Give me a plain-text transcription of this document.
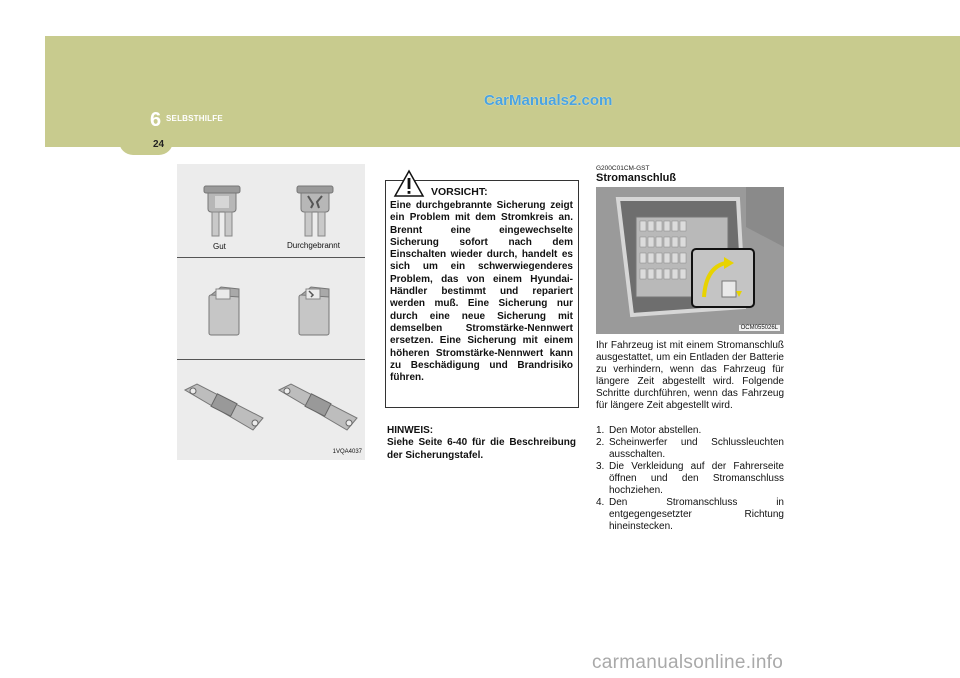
6 SELBSTHILFE
24
CarManuals2.com
Gut	Durchgebrannt
1VQA4037
VORSICHT:
Eine durchgebrannte Sicherung zeigt ein Problem mit dem Stromkreis an. Brennt eine eingewechselte Sicherung sofort nach dem Einschalten wieder durch, handelt es sich um ein schwerwiegenderes Problem, das von einem Hyundai-Händler bestimmt und repariert werden muß. Eine Sicherung nur durch eine neue Sicherung mit demselben Stromstärke-Nennwert ersetzen. Eine Sicherung mit einem höheren Stromstärke-Nennwert kann zu Beschädigung und Brandrisiko führen.
HINWEIS:
Siehe Seite 6-40 für die Beschreibung der Sicherungstafel.
G200C01CM-GST
Stromanschluß
OCM055026L

Ihr Fahrzeug ist mit einem Stromanschluß ausgestattet, um ein Entladen der Batterie zu verhindern, wenn das Fahrzeug für längere Zeit abgestellt wird. Folgende Schritte durchführen, wenn das Fahrzeug für längere Zeit abgestellt wird.

1. Den Motor abstellen.
2. Scheinwerfer und Schlussleuchten ausschalten.
3. Die Verkleidung auf der Fahrerseite öffnen und den Stromanschluss hochziehen.
4. Den Stromanschluss in entgegengesetzter Richtung hineinstecken.
carmanualsonline.info
